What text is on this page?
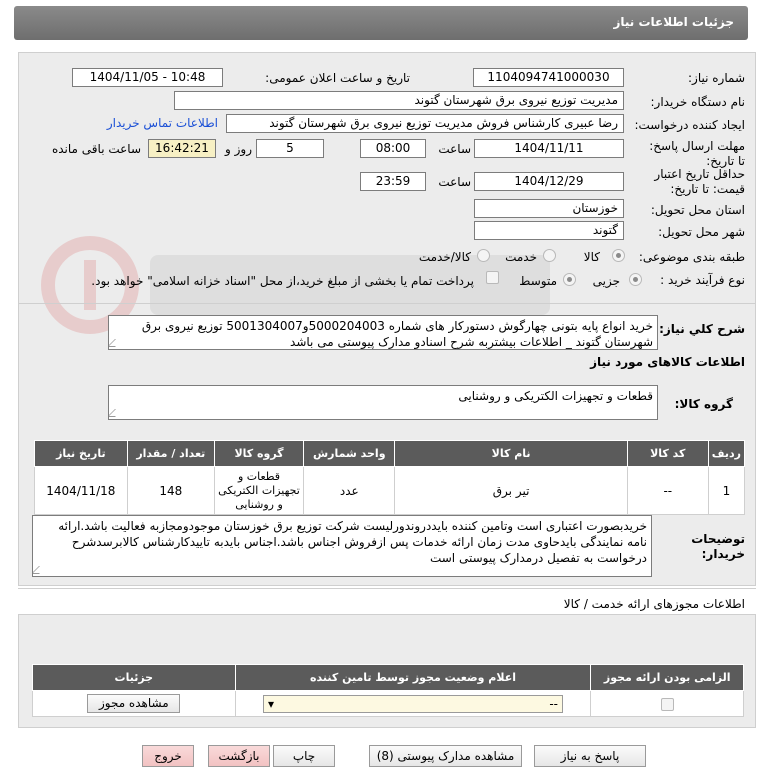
جزئیات اطلاعات نیاز
شماره نیاز:
1104094741000030
تاریخ و ساعت اعلان عمومی:
1404/11/05 - 10:48
نام دستگاه خریدار:
مدیریت توزیع نیروی برق شهرستان گتوند
ایجاد کننده درخواست:
رضا عبیری کارشناس فروش مدیریت توزیع نیروی برق شهرستان گتوند
اطلاعات تماس خریدار
مهلت ارسال پاسخ: تا تاریخ:
1404/11/11
ساعت
08:00
5
روز و
16:42:21
ساعت باقی مانده
حداقل تاریخ اعتبار قیمت: تا تاریخ:
1404/12/29
ساعت
23:59
استان محل تحویل:
خوزستان
شهر محل تحویل:
گتوند
طبقه بندی موضوعی:
کالا
خدمت
کالا/خدمت
نوع فرآیند خرید :
جزیی
متوسط
پرداخت تمام یا بخشی از مبلغ خرید،از محل "اسناد خزانه اسلامی" خواهد بود.
شرح کلي نياز:
خرید انواع پایه بتونی چهارگوش دستورکار های شماره 5000204003و5001304007 توزیع نیروی برق شهرستان گتوند _ اطلاعات بیشتربه شرح اسنادو مدارک پیوستی می باشد
اطلاعات کالاهای مورد نیاز
گروه کالا:
قطعات و تجهیزات الکتریکی و روشنایی
ردیف	کد کالا	نام کالا	واحد شمارش	گروه کالا	تعداد / مقدار	تاریخ نیاز
1	--	تیر برق	عدد	قطعات و تجهیزات الکتریکی و روشنایی	148	1404/11/18
توضیحات خریدار:
خریدبصورت اعتباری است وتامین کننده بایددروندورلیست شرکت توزیع برق خوزستان موجودومجازبه فعالیت باشد.ارائه نامه نمایندگی بایدحاوی مدت زمان ارائه خدمات پس ازفروش اجناس باشد.اجناس بایدبه تاییدکارشناس کالابرسدشرح درخواست به تفصیل درمدارک پیوستی است
اطلاعات مجوزهای ارائه خدمت / کالا
الزامی بودن ارائه مجوز	اعلام وضعیت مجوز توسط تامین کننده	جزئیات

	▾ --	مشاهده مجوز
پاسخ به نیاز
مشاهده مدارک پیوستی (8)
چاپ
بازگشت
خروج
